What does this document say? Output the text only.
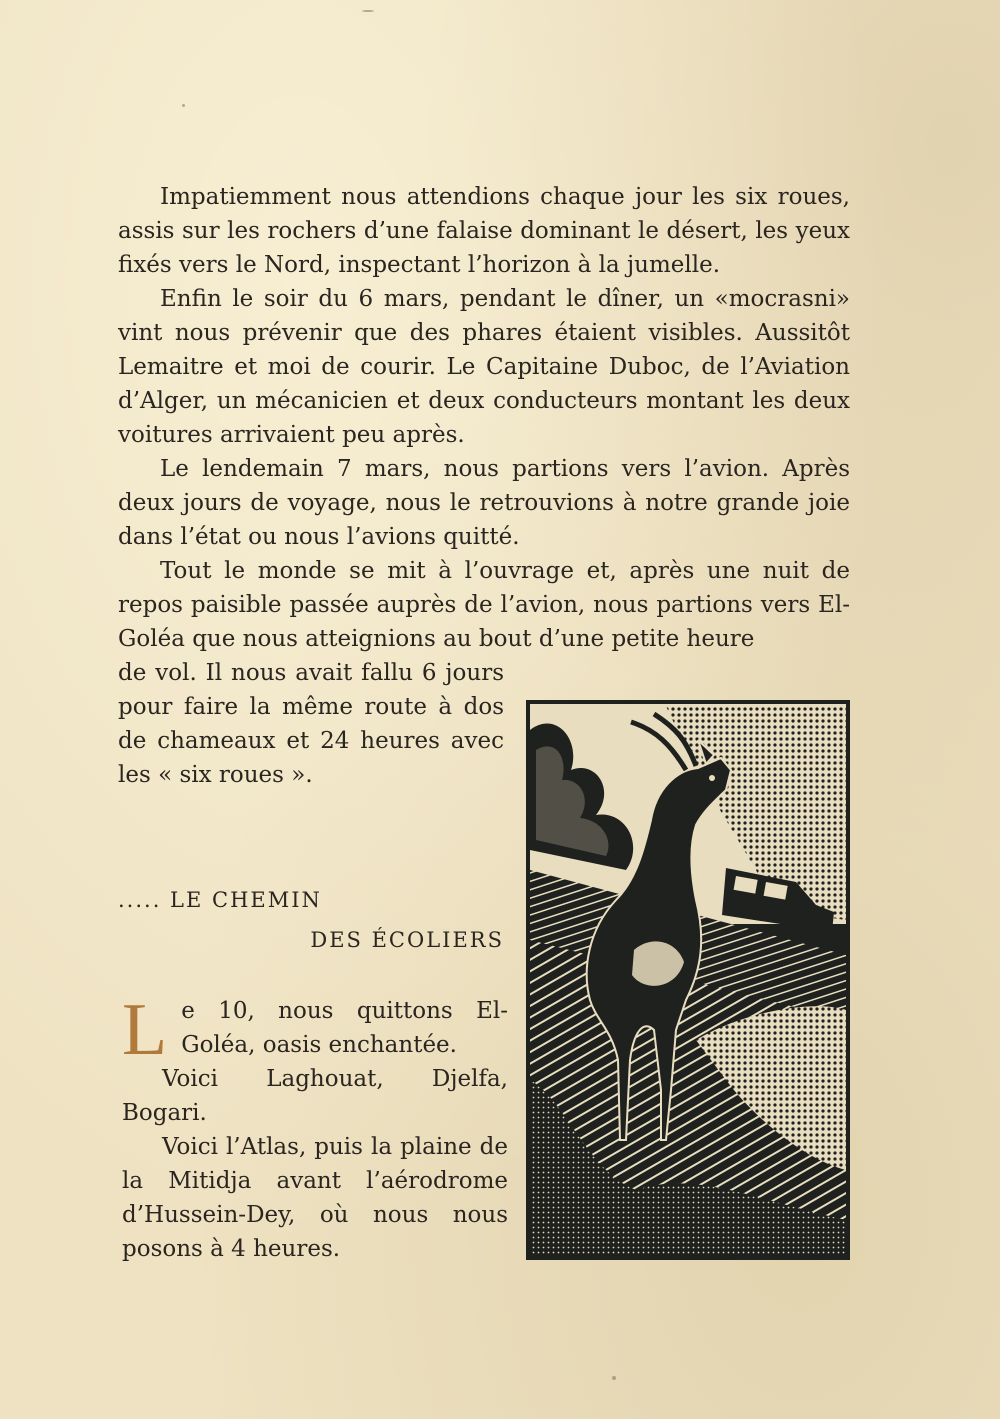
Impatiemment nous attendions chaque jour les six roues, assis sur les rochers d’une falaise dominant le désert, les yeux fixés vers le Nord, inspectant l’horizon à la jumelle.

Enfin le soir du 6 mars, pendant le dîner, un «mocrasni» vint nous prévenir que des phares étaient visibles. Aussitôt Lemaitre et moi de courir. Le Capitaine Duboc, de l’Aviation d’Alger, un mécanicien et deux conducteurs montant les deux voitures arrivaient peu après.

Le lendemain 7 mars, nous partions vers l’avion. Après deux jours de voyage, nous le retrouvions à notre grande joie dans l’état ou nous l’avions quitté.

Tout le monde se mit à l’ouvrage et, après une nuit de repos paisible passée auprès de l’avion, nous partions vers El-Goléa que nous atteignions au bout d’une petite heure

de vol. Il nous avait fallu 6 jours pour faire la même route à dos de chameaux et 24 heures avec les « six roues ».

..... LE CHEMIN
DES ÉCOLIERS

Le 10, nous quittons El-Goléa, oasis enchantée.

Voici Laghouat, Djelfa, Bogari.

Voici l’Atlas, puis la plaine de la Mitidja avant l’aérodrome d’Hussein-Dey, où nous nous posons à 4 heures.
